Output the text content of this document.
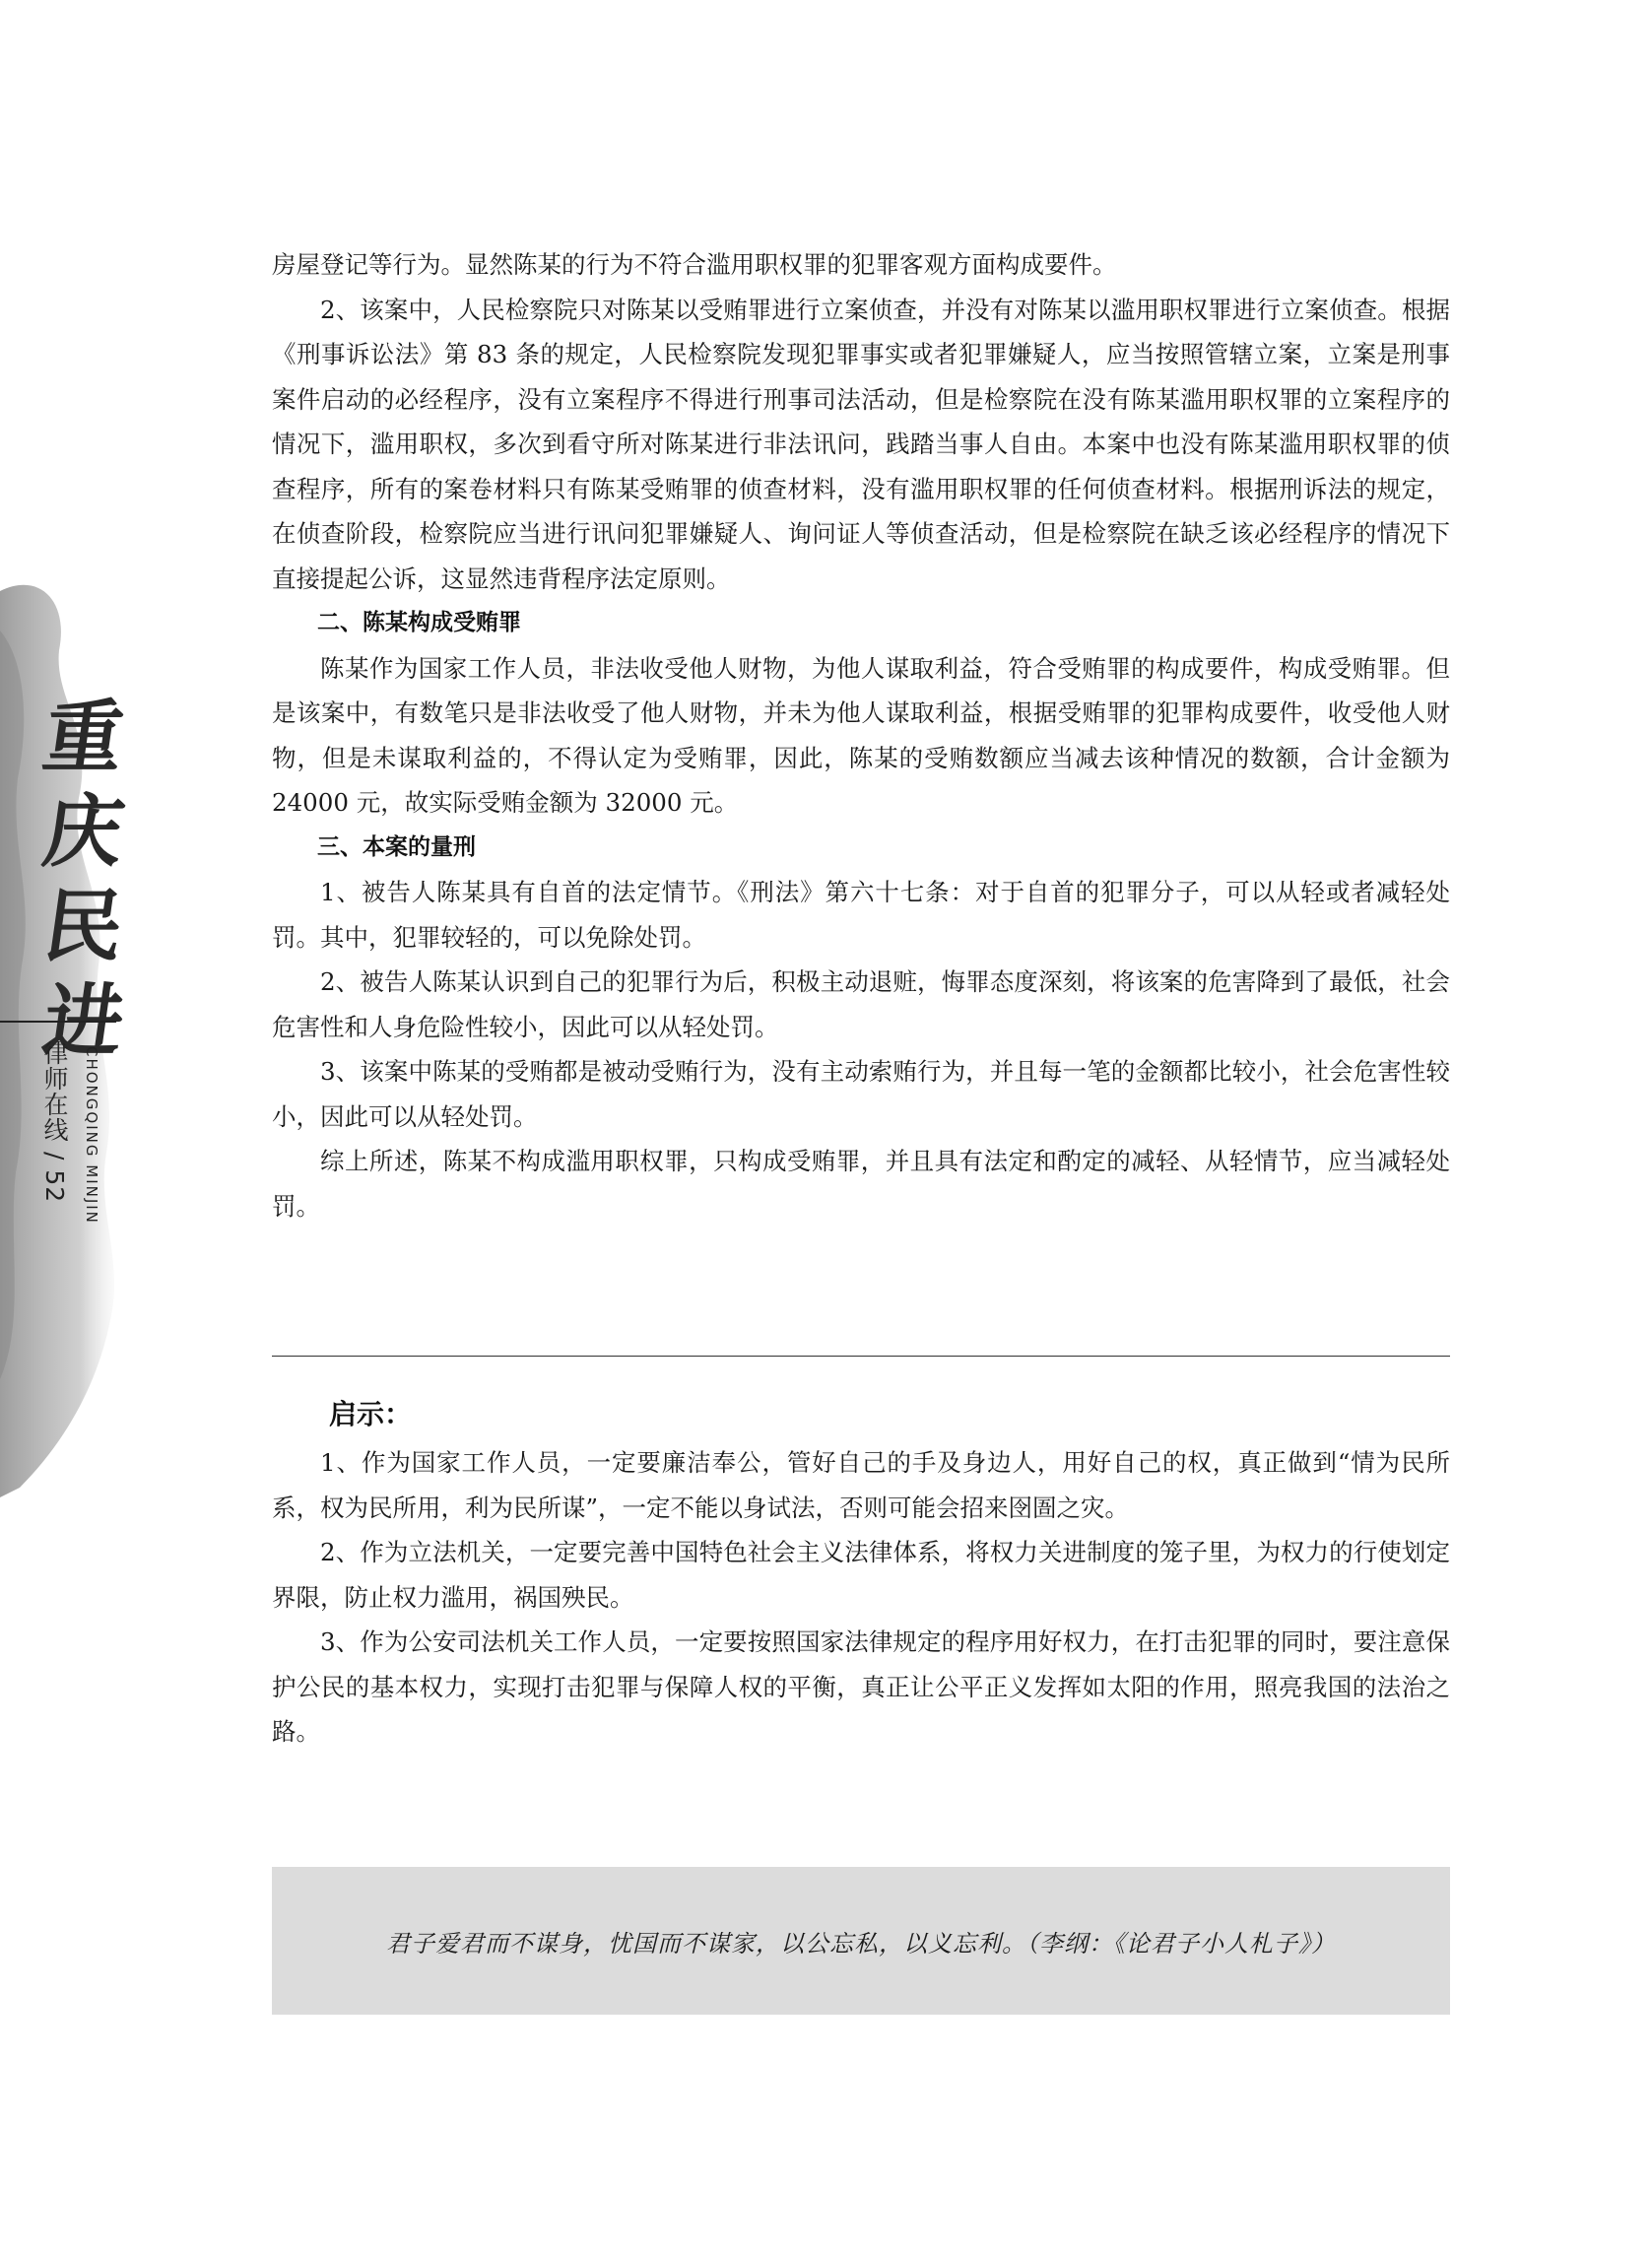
重
庆
民
进
律师在线 / 52 CHONGQING MINJIN

房屋登记等行为。显然陈某的行为不符合滥用职权罪的犯罪客观方面构成要件。

2、该案中，人民检察院只对陈某以受贿罪进行立案侦查，并没有对陈某以滥用职权罪进行立案侦查。根据《刑事诉讼法》第 83 条的规定，人民检察院发现犯罪事实或者犯罪嫌疑人，应当按照管辖立案，立案是刑事案件启动的必经程序，没有立案程序不得进行刑事司法活动，但是检察院在没有陈某滥用职权罪的立案程序的情况下，滥用职权，多次到看守所对陈某进行非法讯问，践踏当事人自由。本案中也没有陈某滥用职权罪的侦查程序，所有的案卷材料只有陈某受贿罪的侦查材料，没有滥用职权罪的任何侦查材料。根据刑诉法的规定，在侦查阶段，检察院应当进行讯问犯罪嫌疑人、询问证人等侦查活动，但是检察院在缺乏该必经程序的情况下直接提起公诉，这显然违背程序法定原则。

二、陈某构成受贿罪

陈某作为国家工作人员，非法收受他人财物，为他人谋取利益，符合受贿罪的构成要件，构成受贿罪。但是该案中，有数笔只是非法收受了他人财物，并未为他人谋取利益，根据受贿罪的犯罪构成要件，收受他人财物，但是未谋取利益的，不得认定为受贿罪，因此，陈某的受贿数额应当减去该种情况的数额，合计金额为 24000 元，故实际受贿金额为 32000 元。

三、本案的量刑

1、被告人陈某具有自首的法定情节。《刑法》第六十七条：对于自首的犯罪分子，可以从轻或者减轻处罚。其中，犯罪较轻的，可以免除处罚。

2、被告人陈某认识到自己的犯罪行为后，积极主动退赃，悔罪态度深刻，将该案的危害降到了最低，社会危害性和人身危险性较小，因此可以从轻处罚。

3、该案中陈某的受贿都是被动受贿行为，没有主动索贿行为，并且每一笔的金额都比较小，社会危害性较小，因此可以从轻处罚。

综上所述，陈某不构成滥用职权罪，只构成受贿罪，并且具有法定和酌定的减轻、从轻情节，应当减轻处罚。

启示：

1、作为国家工作人员，一定要廉洁奉公，管好自己的手及身边人，用好自己的权，真正做到“情为民所系，权为民所用，利为民所谋”，一定不能以身试法，否则可能会招来囹圄之灾。

2、作为立法机关，一定要完善中国特色社会主义法律体系，将权力关进制度的笼子里，为权力的行使划定界限，防止权力滥用，祸国殃民。

3、作为公安司法机关工作人员，一定要按照国家法律规定的程序用好权力，在打击犯罪的同时，要注意保护公民的基本权力，实现打击犯罪与保障人权的平衡，真正让公平正义发挥如太阳的作用，照亮我国的法治之路。

君子爱君而不谋身，忧国而不谋家，以公忘私，以义忘利。（李纲：《论君子小人札子》）
